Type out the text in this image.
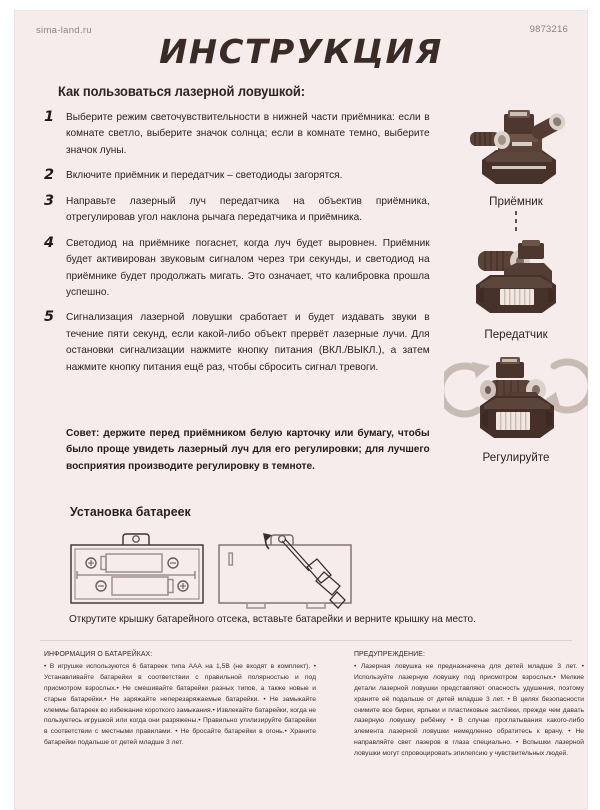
sima-land.ru	9873216
ИНСТРУКЦИЯ
Как пользоваться лазерной ловушкой:
1 Выберите режим светочувствительности в нижней части приёмника: если в комнате светло, выберите значок солнца; если в комнате темно, выберите значок луны.
2 Включите приёмник и передатчик – светодиоды загорятся.
3 Направьте лазерный луч передатчика на объектив приёмника, отрегулировав угол наклона рычага передатчика и приёмника.
4 Светодиод на приёмнике погаснет, когда луч будет выровнен. Приёмник будет активирован звуковым сигналом через три секунды, и светодиод на приёмнике будет продолжать мигать. Это означает, что калибровка прошла успешно.
5 Сигнализация лазерной ловушки сработает и будет издавать звуки в течение пяти секунд, если какой-либо объект прервёт лазерные лучи. Для остановки сигнализации нажмите кнопку питания (ВКЛ./ВЫКЛ.), а затем нажмите кнопку питания ещё раз, чтобы сбросить сигнал тревоги.
Совет: держите перед приёмником белую карточку или бумагу, чтобы было проще увидеть лазерный луч для его регулировки; для лучшего восприятия производите регулировку в темноте.
Приёмник
Передатчик
Регулируйте
Установка батареек
Открутите крышку батарейного отсека, вставьте батарейки и верните крышку на место.
ИНФОРМАЦИЯ О БАТАРЕЙКАХ:

• В игрушке используются 6 батареек типа ААА на 1,5В (не входят в комплект). • Устанавливайте батарейки в соответствии с правильной полярностью и под присмотром взрослых.• Не смешивайте батарейки разных типов, а также новые и старые батарейки.• Не заряжайте неперезаряжаемые батарейки. • Не замыкайте клеммы батареек во избежание короткого замыкания.• Извлекайте батарейки, когда не пользуетесь игрушкой или когда они разряжены.• Правильно утилизируйте батарейки в соответствии с местными правилами. • Не бросайте батарейки в огонь.• Храните батарейки подальше от детей младше 3 лет.

ПРЕДУПРЕЖДЕНИЕ:

• Лазерная ловушка не предназначена для детей младше 3 лет. • Используйте лазерную ловушку под присмотром взрослых.• Мелкие детали лазерной ловушки представляют опасность удушения, поэтому храните её подальше от детей младше 3 лет. • В целях безопасности снимите все бирки, ярлыки и пластиковые застёжки, прежде чем давать лазерную ловушку ребёнку • В случае проглатывания какого-либо элемента лазерной ловушки немедленно обратитесь к врачу. • Не направляйте свет лазеров в глаза специально. • Вспышки лазерной ловушки могут спровоцировать эпилепсию у чувствительных людей.
